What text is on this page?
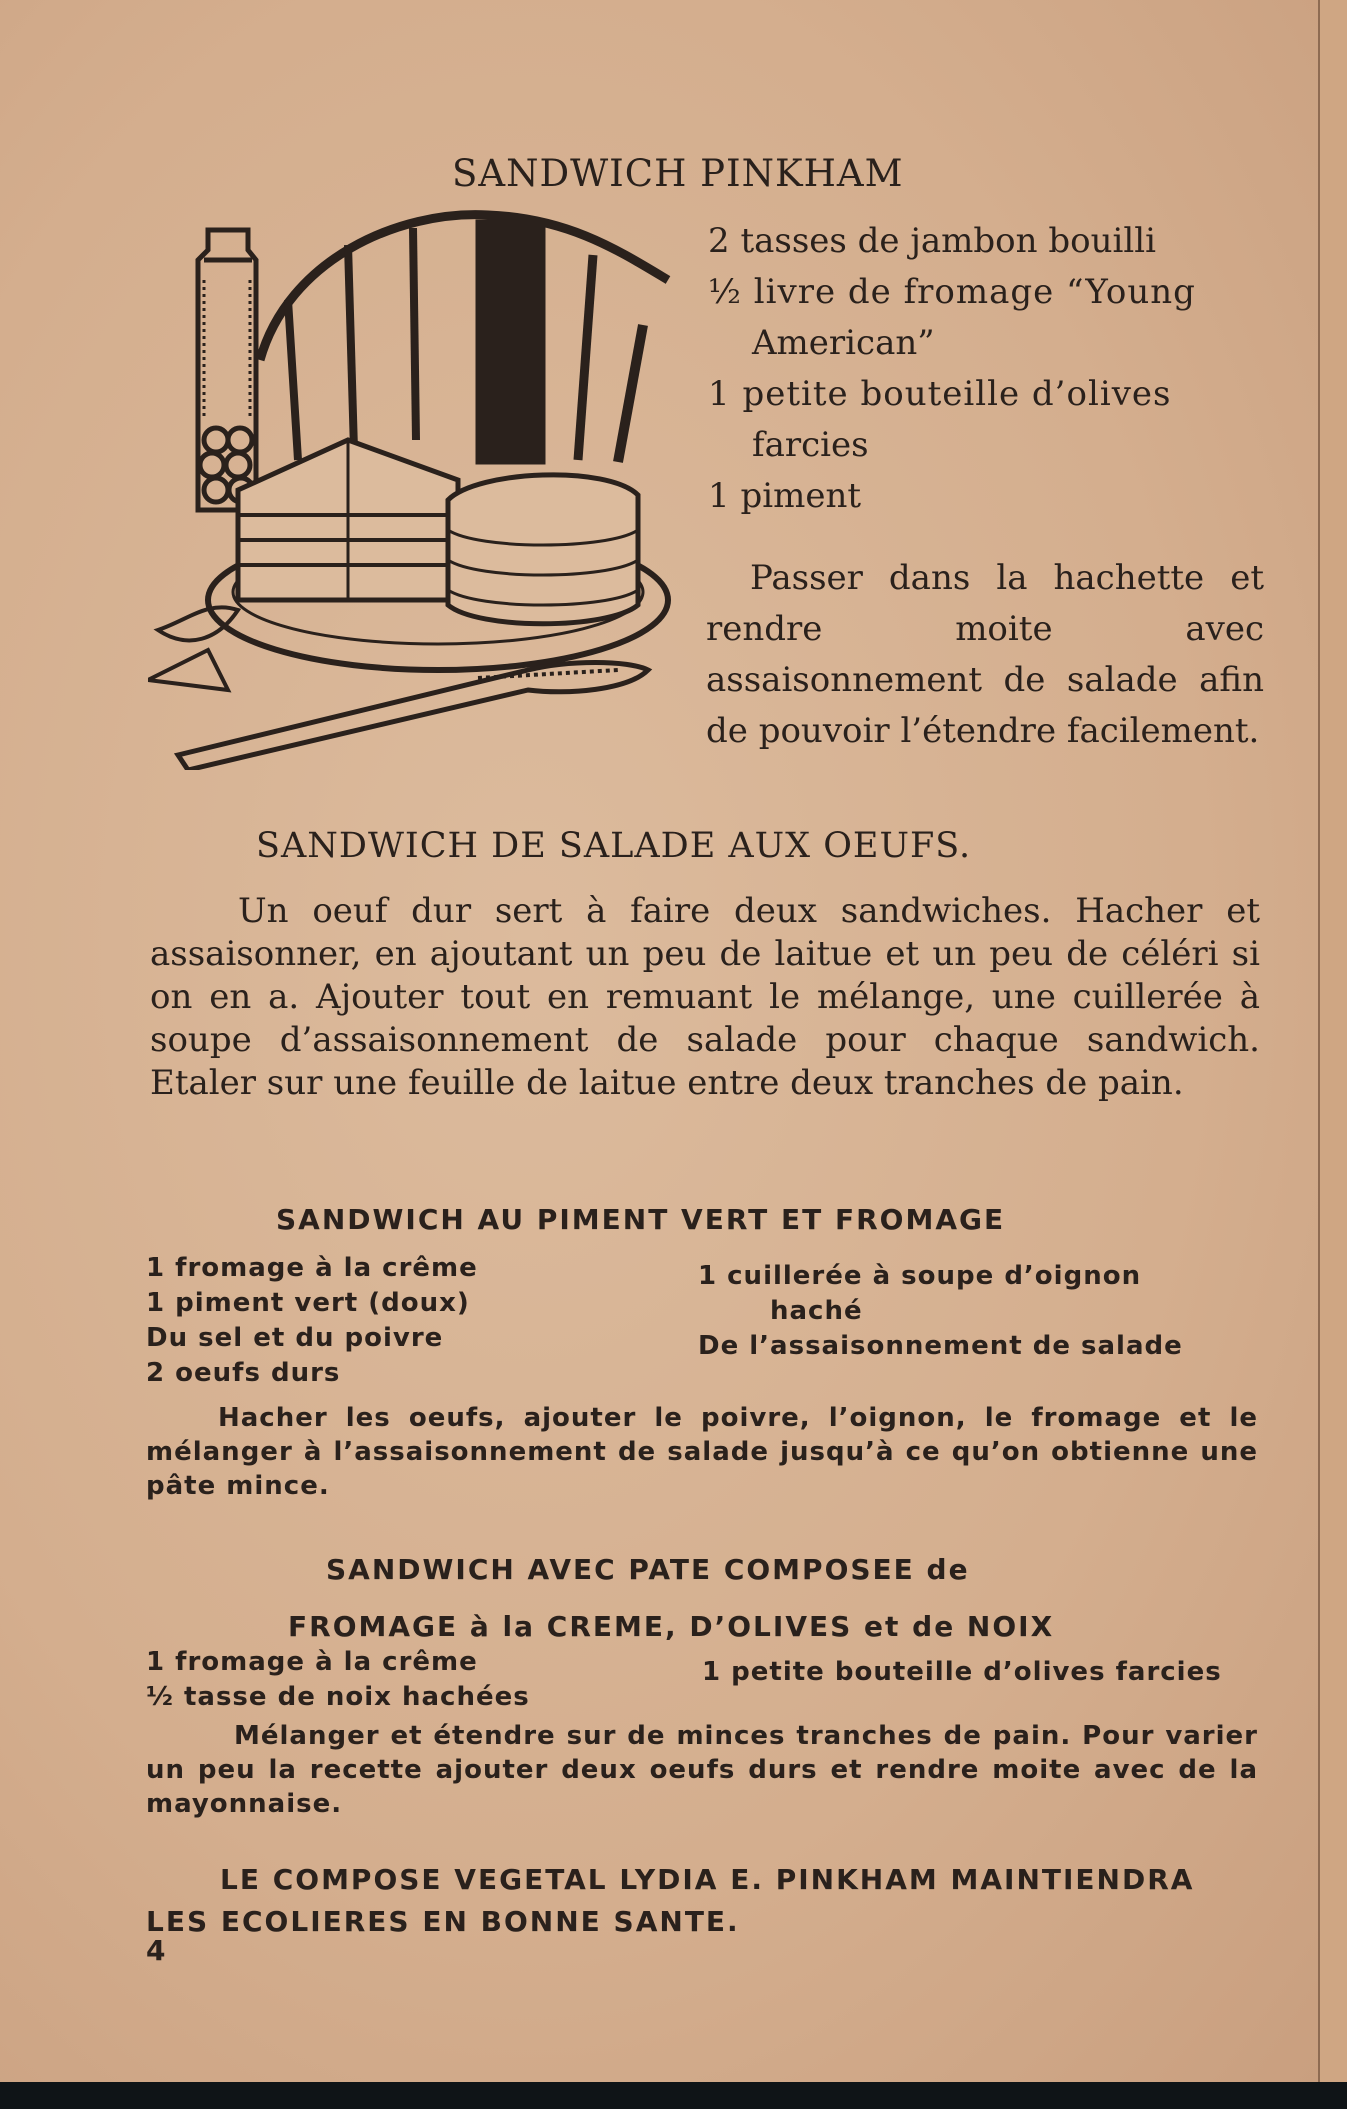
SANDWICH PINKHAM
2 tasses de jambon bouilli
½ livre de fromage “Young
American”
1 petite bouteille d’olives
farcies
1 piment
Passer dans la hachette et rendre moite avec assaisonnement de salade afin de pouvoir l’étendre facilement.
SANDWICH DE SALADE AUX OEUFS.
Un oeuf dur sert à faire deux sandwiches. Hacher et assaisonner, en ajoutant un peu de laitue et un peu de céléri si on en a. Ajouter tout en remuant le mélange, une cuillerée à soupe d’assaisonnement de salade pour chaque sandwich. Etaler sur une feuille de laitue entre deux tranches de pain.
SANDWICH AU PIMENT VERT ET FROMAGE
1 fromage à la crême
1 piment vert (doux)
Du sel et du poivre
2 oeufs durs
1 cuillerée à soupe d’oignon
haché
De l’assaisonnement de salade
Hacher les oeufs, ajouter le poivre, l’oignon, le fromage et le mélanger à l’assaisonnement de salade jusqu’à ce qu’on obtienne une pâte mince.
SANDWICH AVEC PATE COMPOSEE de
FROMAGE à la CREME, D’OLIVES et de NOIX
1 fromage à la crême
½ tasse de noix hachées
1 petite bouteille d’olives farcies
Mélanger et étendre sur de minces tranches de pain. Pour varier un peu la recette ajouter deux oeufs durs et rendre moite avec de la mayonnaise.
LE COMPOSE VEGETAL LYDIA E. PINKHAM MAINTIENDRA LES ECOLIERES EN BONNE SANTE.
4
